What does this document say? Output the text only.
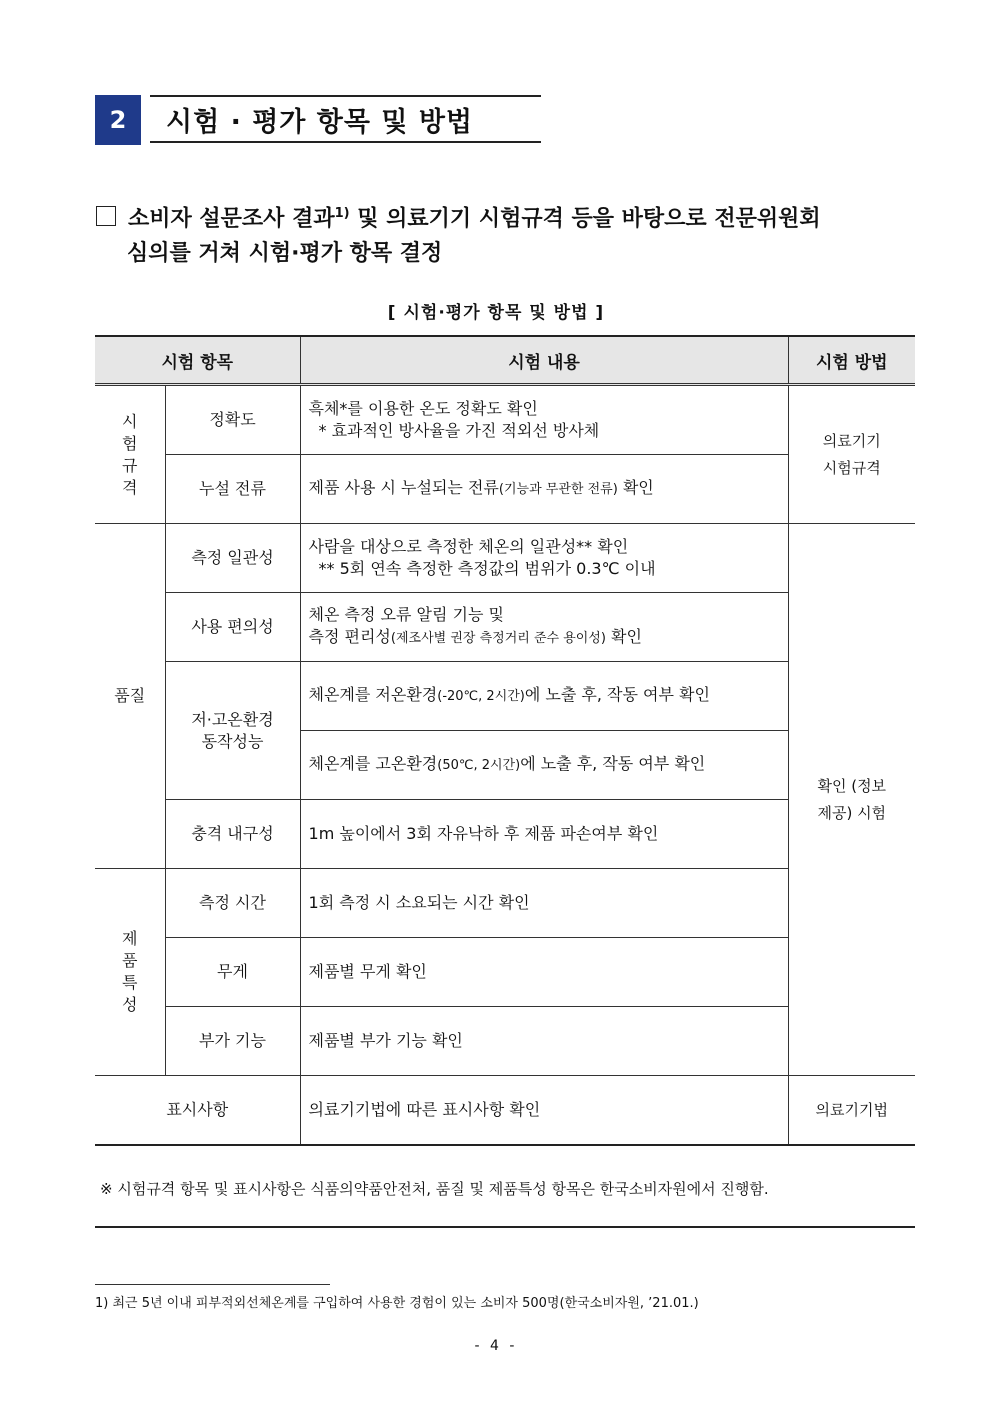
2	시험 · 평가 항목 및 방법
소비자 설문조사 결과$^{1)}$ 및 의료기기 시험규격 등을 바탕으로 전문위원회
심의를 거쳐 시험·평가 항목 결정
[ 시험·평가 항목 및 방법 ]
시험 항목		시험 내용	시험 방법

시험 규격	정확도	흑체*를 이용한 온도 정확도 확인
* 효과적인 방사율을 가진 적외선 방사체	의료기기 시험규격

	누설 전류	제품 사용 시 누설되는 전류(기능과 무관한 전류) 확인	
품질	측정 일관성	사람을 대상으로 측정한 체온의 일관성** 확인
** 5회 연속 측정한 측정값의 범위가 0.3℃ 이내	확인 (정보제공) 시험

	사용 편의성	체온 측정 오류 알림 기능 및
측정 편리성(제조사별 권장 측정거리 준수 용이성) 확인	

	저·고온환경 동작성능	체온계를 저온환경(-20℃, 2시간)에 노출 후, 작동 여부 확인	
		체온계를 고온환경(50℃, 2시간)에 노출 후, 작동 여부 확인	
	충격 내구성	1m 높이에서 3회 자유낙하 후 제품 파손여부 확인	

제품 특성	측정 시간	1회 측정 시 소요되는 시간 확인	
	무게	제품별 무게 확인	
	부가 기능	제품별 부가 기능 확인	
표시사항		의료기기법에 따른 표시사항 확인	의료기기법
※ 시험규격 항목 및 표시사항은 식품의약품안전처, 품질 및 제품특성 항목은 한국소비자원에서 진행함.
1) 최근 5년 이내 피부적외선체온계를 구입하여 사용한 경험이 있는 소비자 500명(한국소비자원, ’21.01.)
- 4 -
